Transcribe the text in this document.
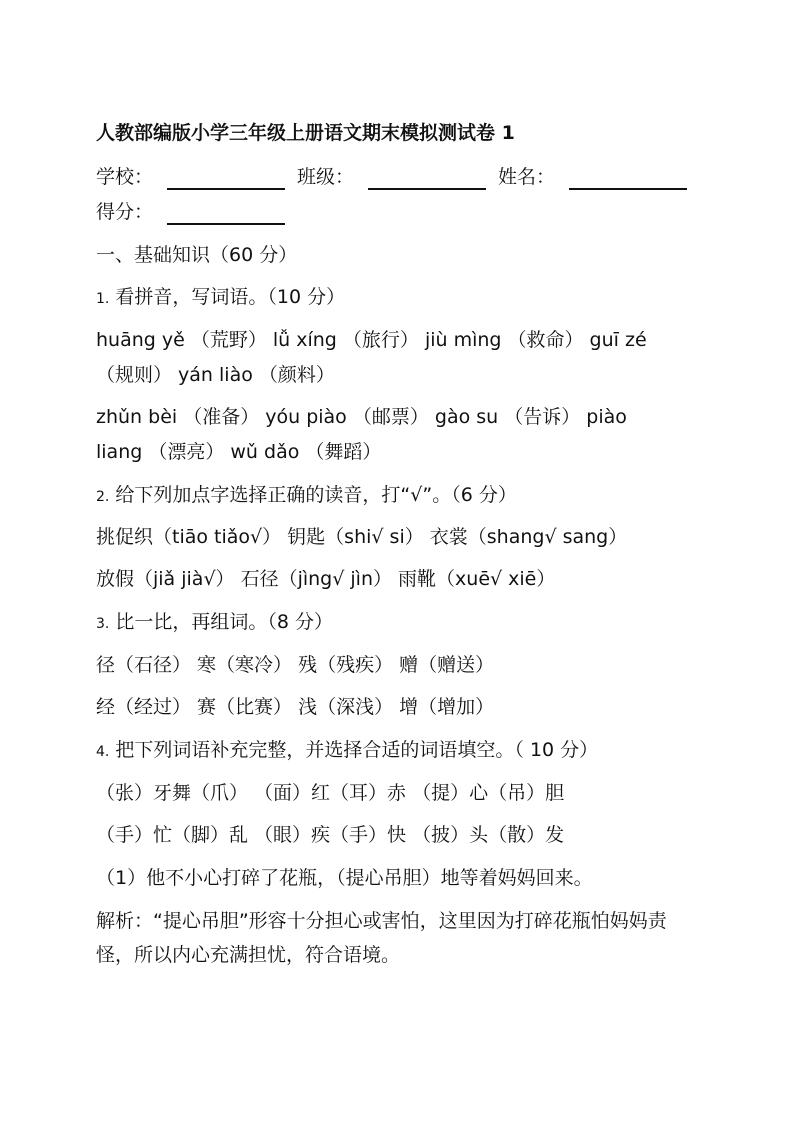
人教部编版小学三年级上册语文期末模拟测试卷 1
学校：	班级：	姓名：
得分：
一、基础知识（60 分）
1. 看拼音，写词语。（10 分）
huāng yě （荒野） lǚ xíng （旅行） jiù mìng （救命） guī zé
（规则） yán liào （颜料）
zhǔn bèi （准备） yóu piào （邮票） gào su （告诉） piào
liang （漂亮） wǔ dǎo （舞蹈）
2. 给下列加点字选择正确的读音，打“√”。（6 分）
挑促织（tiāo tiǎo√） 钥匙（shi√ si） 衣裳（shang√ sang）
放假（jiǎ jià√） 石径（jìng√ jìn） 雨靴（xuē√ xiē）
3. 比一比，再组词。（8 分）
径（石径） 寒（寒冷） 残（残疾） 赠（赠送）
经（经过） 赛（比赛） 浅（深浅） 增（增加）
4. 把下列词语补充完整，并选择合适的词语填空。（ 10 分）
（张）牙舞（爪） （面）红（耳）赤 （提）心（吊）胆
（手）忙（脚）乱 （眼）疾（手）快 （披）头（散）发
（1）他不小心打碎了花瓶，（提心吊胆）地等着妈妈回来。
解析：“提心吊胆”形容十分担心或害怕，这里因为打碎花瓶怕妈妈责怪，所以内心充满担忧，符合语境。
